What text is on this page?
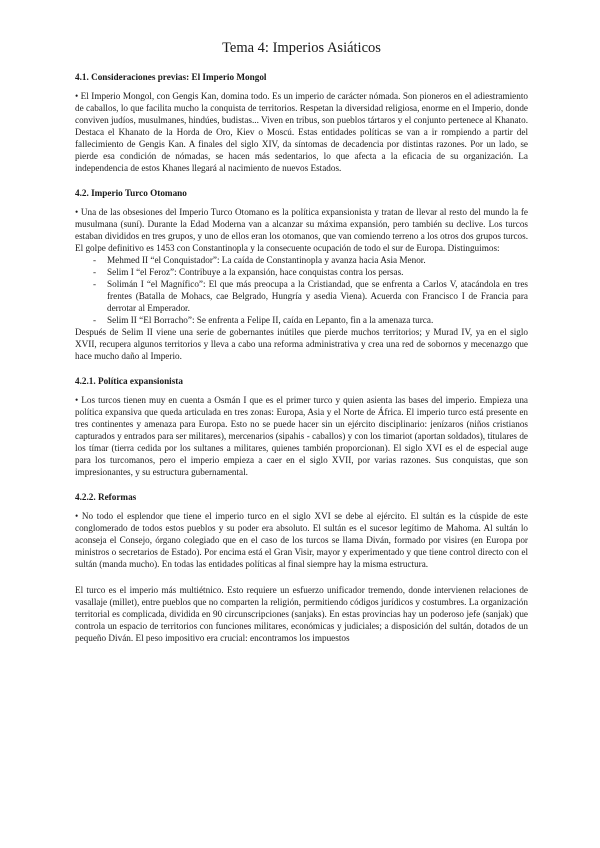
Tema 4: Imperios Asiáticos
4.1. Consideraciones previas: El Imperio Mongol

• El Imperio Mongol, con Gengis Kan, domina todo. Es un imperio de carácter nómada. Son pioneros en el adiestramiento de caballos, lo que facilita mucho la conquista de territorios. Respetan la diversidad religiosa, enorme en el Imperio, donde conviven judíos, musulmanes, hindúes, budistas... Viven en tribus, son pueblos tártaros y el conjunto pertenece al Khanato. Destaca el Khanato de la Horda de Oro, Kiev o Moscú. Estas entidades políticas se van a ir rompiendo a partir del fallecimiento de Gengis Kan. A finales del siglo XIV, da síntomas de decadencia por distintas razones. Por un lado, se pierde esa condición de nómadas, se hacen más sedentarios, lo que afecta a la eficacia de su organización. La independencia de estos Khanes llegará al nacimiento de nuevos Estados.

4.2. Imperio Turco Otomano

• Una de las obsesiones del Imperio Turco Otomano es la política expansionista y tratan de llevar al resto del mundo la fe musulmana (suní). Durante la Edad Moderna van a alcanzar su máxima expansión, pero también su declive. Los turcos estaban divididos en tres grupos, y uno de ellos eran los otomanos, que van comiendo terreno a los otros dos grupos turcos. El golpe definitivo es 1453 con Constantinopla y la consecuente ocupación de todo el sur de Europa. Distinguimos:

- Mehmed II “el Conquistador”: La caída de Constantinopla y avanza hacia Asia Menor.
- Selim I “el Feroz”: Contribuye a la expansión, hace conquistas contra los persas.
- Solimán I “el Magnífico”: El que más preocupa a la Cristiandad, que se enfrenta a Carlos V, atacándola en tres frentes (Batalla de Mohacs, cae Belgrado, Hungría y asedia Viena). Acuerda con Francisco I de Francia para derrotar al Emperador.
- Selim II “El Borracho”: Se enfrenta a Felipe II, caída en Lepanto, fin a la amenaza turca.

Después de Selim II viene una serie de gobernantes inútiles que pierde muchos territorios; y Murad IV, ya en el siglo XVII, recupera algunos territorios y lleva a cabo una reforma administrativa y crea una red de sobornos y mecenazgo que hace mucho daño al Imperio.

4.2.1. Política expansionista

• Los turcos tienen muy en cuenta a Osmán I que es el primer turco y quien asienta las bases del imperio. Empieza una política expansiva que queda articulada en tres zonas: Europa, Asia y el Norte de África. El imperio turco está presente en tres continentes y amenaza para Europa. Esto no se puede hacer sin un ejército disciplinario: jenízaros (niños cristianos capturados y entrados para ser militares), mercenarios (sipahis - caballos) y con los timariot (aportan soldados), titulares de los tímar (tierra cedida por los sultanes a militares, quienes también proporcionan). El siglo XVI es el de especial auge para los turcomanos, pero el imperio empieza a caer en el siglo XVII, por varias razones. Sus conquistas, que son impresionantes, y su estructura gubernamental.

4.2.2. Reformas

• No todo el esplendor que tiene el imperio turco en el siglo XVI se debe al ejército. El sultán es la cúspide de este conglomerado de todos estos pueblos y su poder era absoluto. El sultán es el sucesor legítimo de Mahoma. Al sultán lo aconseja el Consejo, órgano colegiado que en el caso de los turcos se llama Diván, formado por visires (en Europa por ministros o secretarios de Estado). Por encima está el Gran Visir, mayor y experimentado y que tiene control directo con el sultán (manda mucho). En todas las entidades políticas al final siempre hay la misma estructura.

El turco es el imperio más multiétnico. Esto requiere un esfuerzo unificador tremendo, donde intervienen relaciones de vasallaje (millet), entre pueblos que no comparten la religión, permitiendo códigos jurídicos y costumbres. La organización territorial es complicada, dividida en 90 circunscripciones (sanjaks). En estas provincias hay un poderoso jefe (sanjak) que controla un espacio de territorios con funciones militares, económicas y judiciales; a disposición del sultán, dotados de un pequeño Diván. El peso impositivo era crucial: encontramos los impuestos
